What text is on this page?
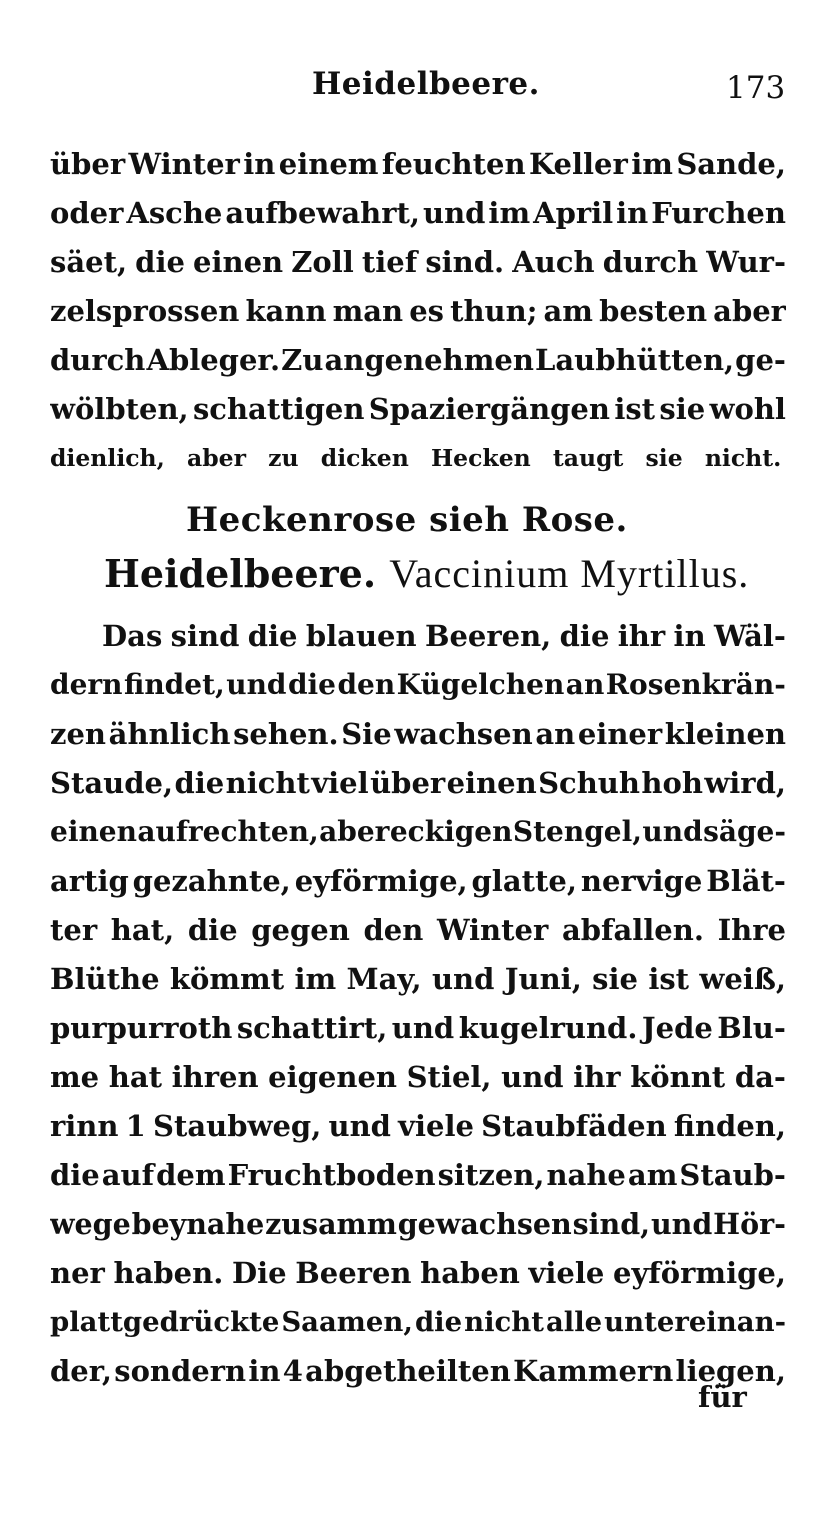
Heidelbeere.	173
über Winter in einem feuchten Keller im Sande,
oder Asche aufbewahrt, und im April in Furchen
säet, die einen Zoll tief sind. Auch durch Wur-
zelsprossen kann man es thun; am besten aber
durch Ableger. Zu angenehmen Laubhütten, ge-
wölbten, schattigen Spaziergängen ist sie wohl
dienlich, aber zu dicken Hecken taugt sie nicht.
Heckenrose sieh Rose.
Heidelbeere. Vaccinium Myrtillus.
Das sind die blauen Beeren, die ihr in Wäl-
dern findet, und die den Kügelchen an Rosenkrän-
zen ähnlich sehen. Sie wachsen an einer kleinen
Staude, die nicht viel über einen Schuh hoh wird,
einen aufrechten, aber eckigen Stengel, und säge-
artig gezahnte, eyförmige, glatte, nervige Blät-
ter hat, die gegen den Winter abfallen. Ihre
Blüthe kömmt im May, und Juni, sie ist weiß,
purpurroth schattirt, und kugelrund. Jede Blu-
me hat ihren eigenen Stiel, und ihr könnt da-
rinn 1 Staubweg, und viele Staubfäden finden,
die auf dem Fruchtboden sitzen, nahe am Staub-
wege beynahe zusamm gewachsen sind, und Hör-
ner haben. Die Beeren haben viele eyförmige,
plattgedrückte Saamen, die nicht alle untereinan-
der, sondern in 4 abgetheilten Kammern liegen,
für
